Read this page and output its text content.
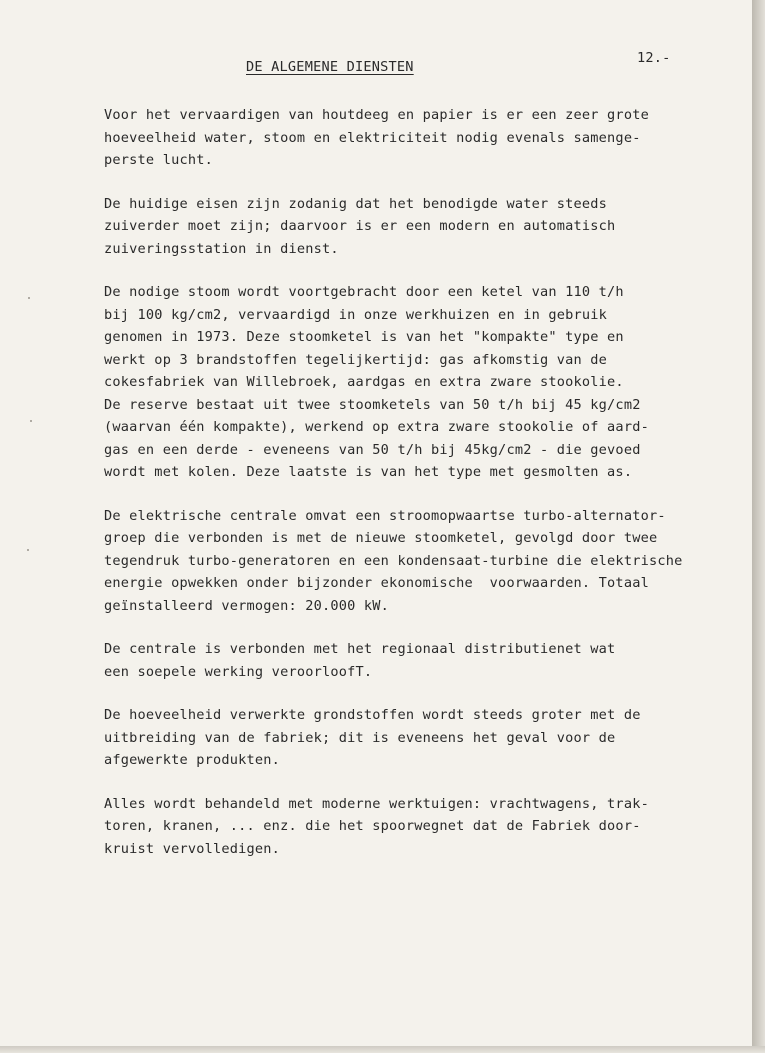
12.-
DE ALGEMENE DIENSTEN
Voor het vervaardigen van houtdeeg en papier is er een zeer grote
hoeveelheid water, stoom en elektriciteit nodig evenals samenge-
perste lucht.
De huidige eisen zijn zodanig dat het benodigde water steeds
zuiverder moet zijn; daarvoor is er een modern en automatisch
zuiveringsstation in dienst.
De nodige stoom wordt voortgebracht door een ketel van 110 t/h
bij 100 kg/cm2, vervaardigd in onze werkhuizen en in gebruik
genomen in 1973. Deze stoomketel is van het "kompakte" type en
werkt op 3 brandstoffen tegelijkertijd: gas afkomstig van de
cokesfabriek van Willebroek, aardgas en extra zware stookolie.
De reserve bestaat uit twee stoomketels van 50 t/h bij 45 kg/cm2
(waarvan één kompakte), werkend op extra zware stookolie of aard-
gas en een derde - eveneens van 50 t/h bij 45kg/cm2 - die gevoed
wordt met kolen. Deze laatste is van het type met gesmolten as.
De elektrische centrale omvat een stroomopwaartse turbo-alternator-
groep die verbonden is met de nieuwe stoomketel, gevolgd door twee
tegendruk turbo-generatoren en een kondensaat-turbine die elektrische
energie opwekken onder bijzonder ekonomische  voorwaarden. Totaal
geïnstalleerd vermogen: 20.000 kW.
De centrale is verbonden met het regionaal distributienet wat
een soepele werking veroorloofT.
De hoeveelheid verwerkte grondstoffen wordt steeds groter met de
uitbreiding van de fabriek; dit is eveneens het geval voor de
afgewerkte produkten.
Alles wordt behandeld met moderne werktuigen: vrachtwagens, trak-
toren, kranen, ... enz. die het spoorwegnet dat de Fabriek door-
kruist vervolledigen.
